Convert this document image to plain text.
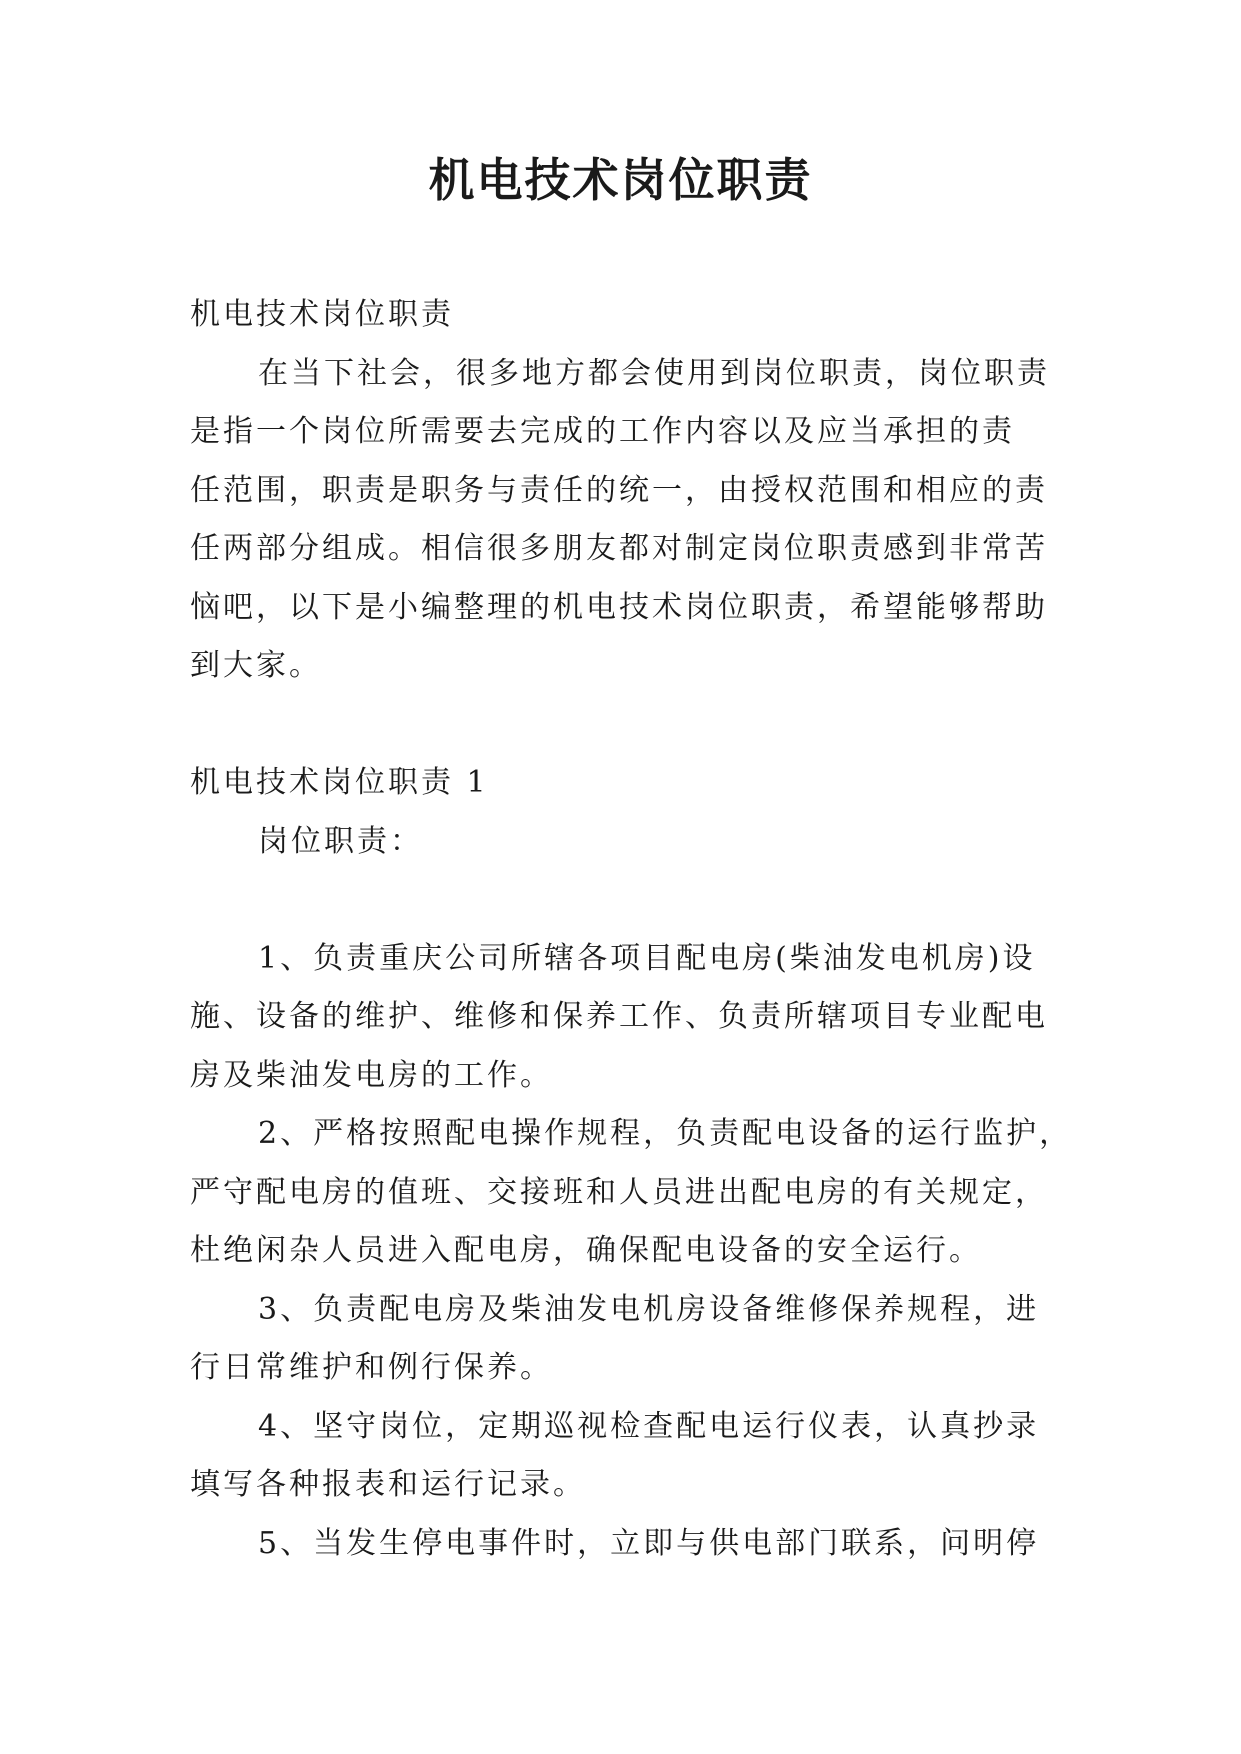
机电技术岗位职责
机电技术岗位职责
在当下社会，很多地方都会使用到岗位职责，岗位职责
是指一个岗位所需要去完成的工作内容以及应当承担的责
任范围，职责是职务与责任的统一，由授权范围和相应的责
任两部分组成。相信很多朋友都对制定岗位职责感到非常苦
恼吧，以下是小编整理的机电技术岗位职责，希望能够帮助
到大家。
机电技术岗位职责 1
岗位职责：
1、负责重庆公司所辖各项目配电房(柴油发电机房)设
施、设备的维护、维修和保养工作、负责所辖项目专业配电
房及柴油发电房的工作。
2、严格按照配电操作规程，负责配电设备的运行监护，
严守配电房的值班、交接班和人员进出配电房的有关规定，
杜绝闲杂人员进入配电房，确保配电设备的安全运行。
3、负责配电房及柴油发电机房设备维修保养规程，进
行日常维护和例行保养。
4、坚守岗位，定期巡视检查配电运行仪表，认真抄录
填写各种报表和运行记录。
5、当发生停电事件时，立即与供电部门联系，问明停
